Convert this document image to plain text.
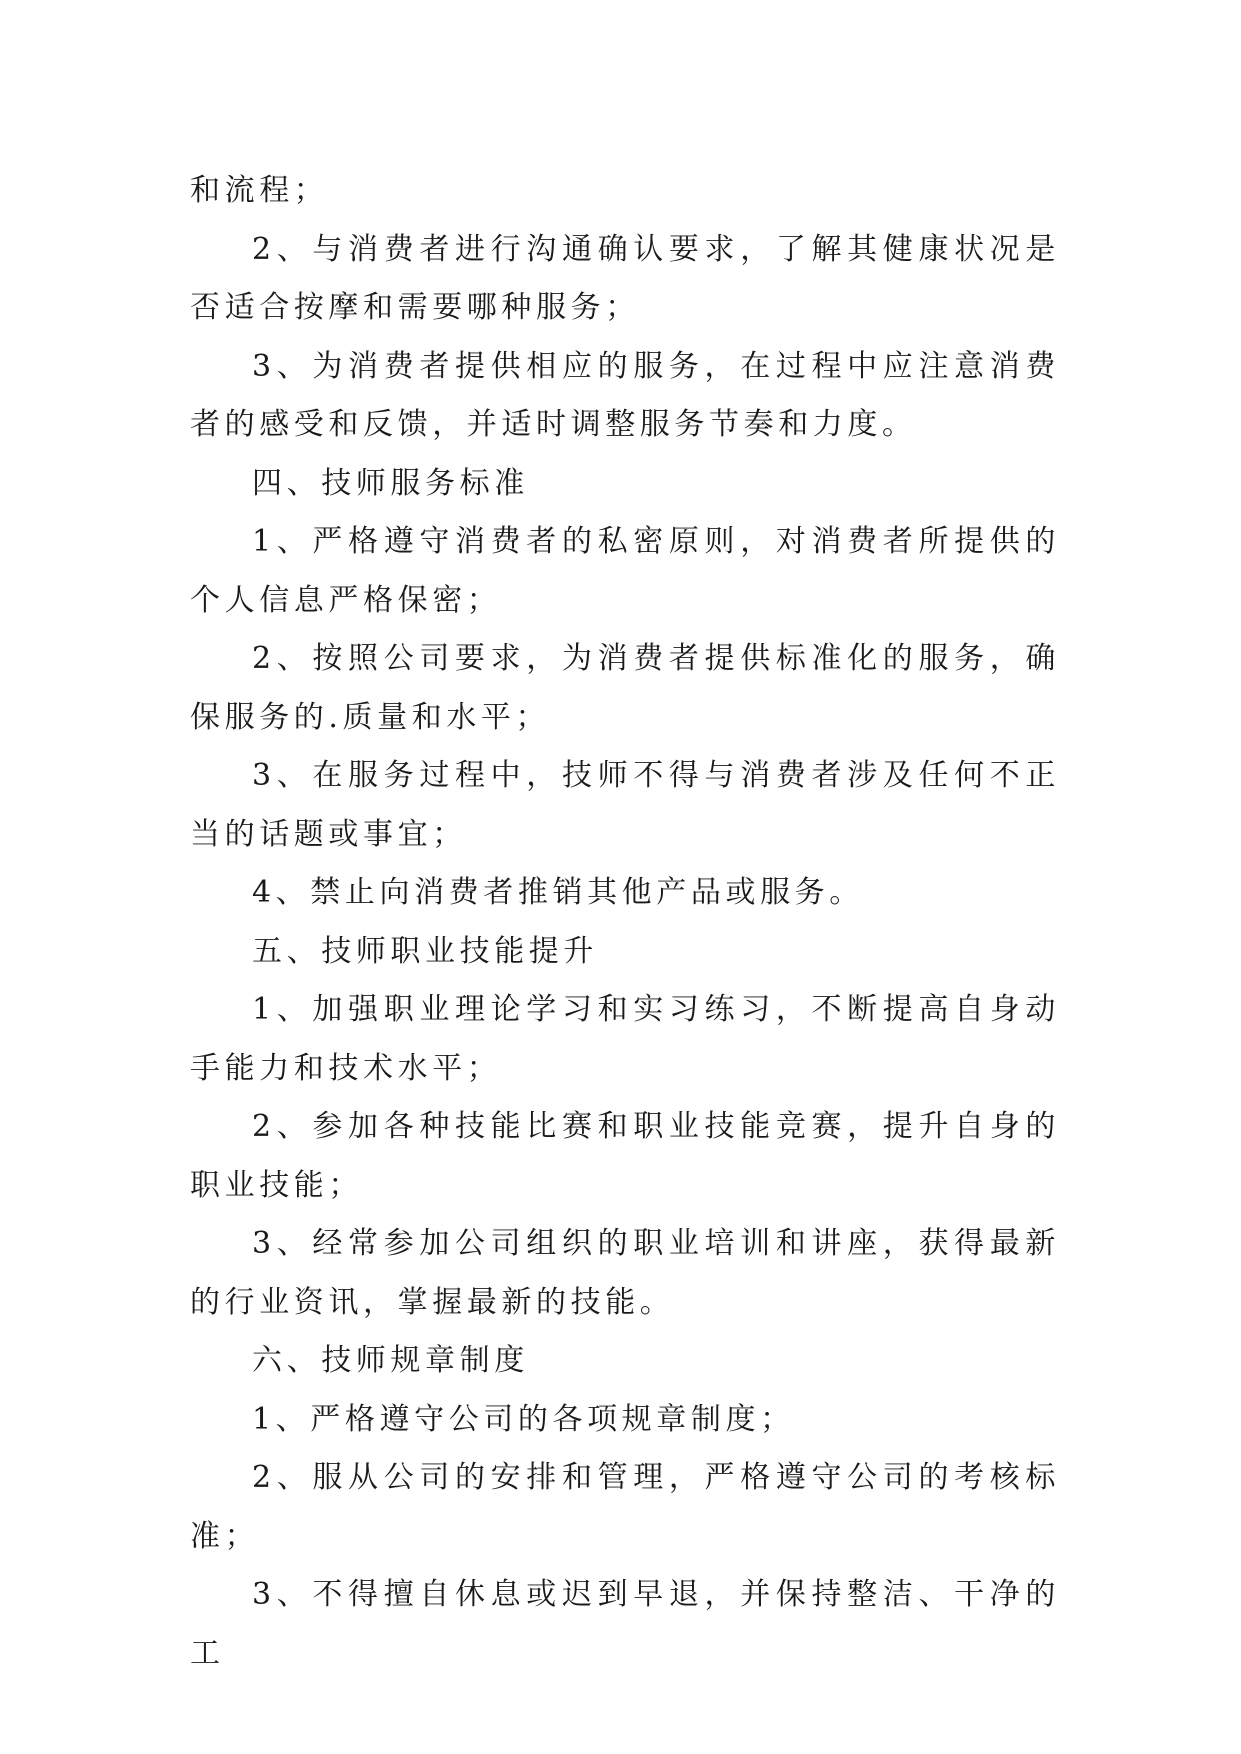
和流程；

2、与消费者进行沟通确认要求，了解其健康状况是否适合按摩和需要哪种服务；

3、为消费者提供相应的服务，在过程中应注意消费者的感受和反馈，并适时调整服务节奏和力度。

四、技师服务标准

1、严格遵守消费者的私密原则，对消费者所提供的个人信息严格保密；

2、按照公司要求，为消费者提供标准化的服务，确保服务的.质量和水平；

3、在服务过程中，技师不得与消费者涉及任何不正当的话题或事宜；

4、禁止向消费者推销其他产品或服务。

五、技师职业技能提升

1、加强职业理论学习和实习练习，不断提高自身动手能力和技术水平；

2、参加各种技能比赛和职业技能竞赛，提升自身的职业技能；

3、经常参加公司组织的职业培训和讲座，获得最新的行业资讯，掌握最新的技能。

六、技师规章制度

1、严格遵守公司的各项规章制度；

2、服从公司的安排和管理，严格遵守公司的考核标准；

3、不得擅自休息或迟到早退，并保持整洁、干净的工
